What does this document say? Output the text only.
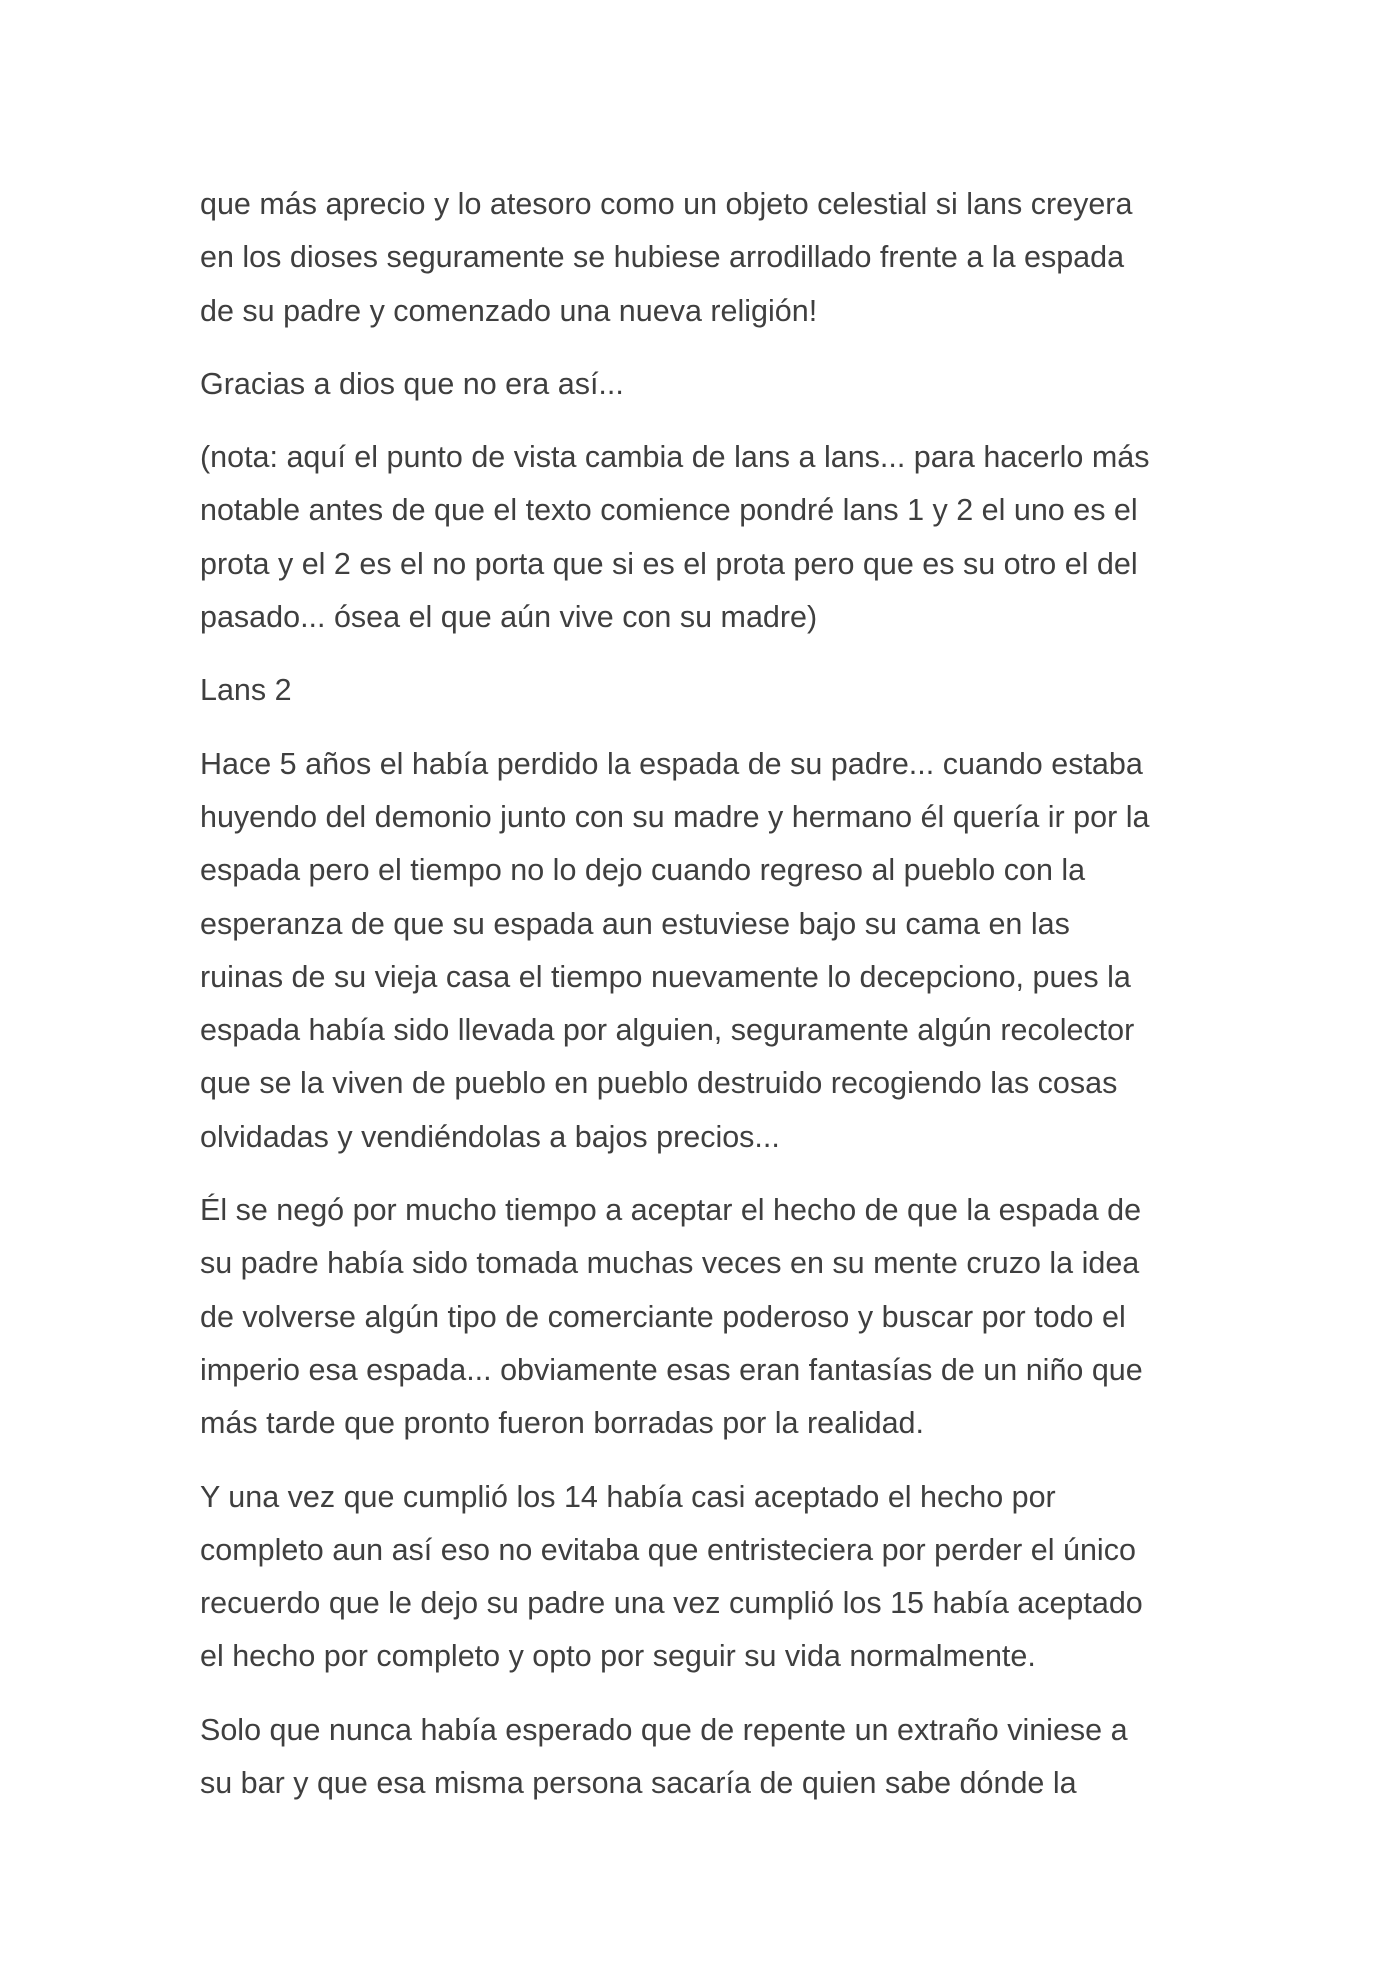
que más aprecio y lo atesoro como un objeto celestial si lans creyera
en los dioses seguramente se hubiese arrodillado frente a la espada
de su padre y comenzado una nueva religión!

Gracias a dios que no era así...

(nota: aquí el punto de vista cambia de lans a lans... para hacerlo más
notable antes de que el texto comience pondré lans 1 y 2 el uno es el
prota y el 2 es el no porta que si es el prota pero que es su otro el del
pasado... ósea el que aún vive con su madre)

Lans 2

Hace 5 años el había perdido la espada de su padre... cuando estaba
huyendo del demonio junto con su madre y hermano él quería ir por la
espada pero el tiempo no lo dejo cuando regreso al pueblo con la
esperanza de que su espada aun estuviese bajo su cama en las
ruinas de su vieja casa el tiempo nuevamente lo decepciono, pues la
espada había sido llevada por alguien, seguramente algún recolector
que se la viven de pueblo en pueblo destruido recogiendo las cosas
olvidadas y vendiéndolas a bajos precios...

Él se negó por mucho tiempo a aceptar el hecho de que la espada de
su padre había sido tomada muchas veces en su mente cruzo la idea
de volverse algún tipo de comerciante poderoso y buscar por todo el
imperio esa espada... obviamente esas eran fantasías de un niño que
más tarde que pronto fueron borradas por la realidad.

Y una vez que cumplió los 14 había casi aceptado el hecho por
completo aun así eso no evitaba que entristeciera por perder el único
recuerdo que le dejo su padre una vez cumplió los 15 había aceptado
el hecho por completo y opto por seguir su vida normalmente.

Solo que nunca había esperado que de repente un extraño viniese a
su bar y que esa misma persona sacaría de quien sabe dónde la
